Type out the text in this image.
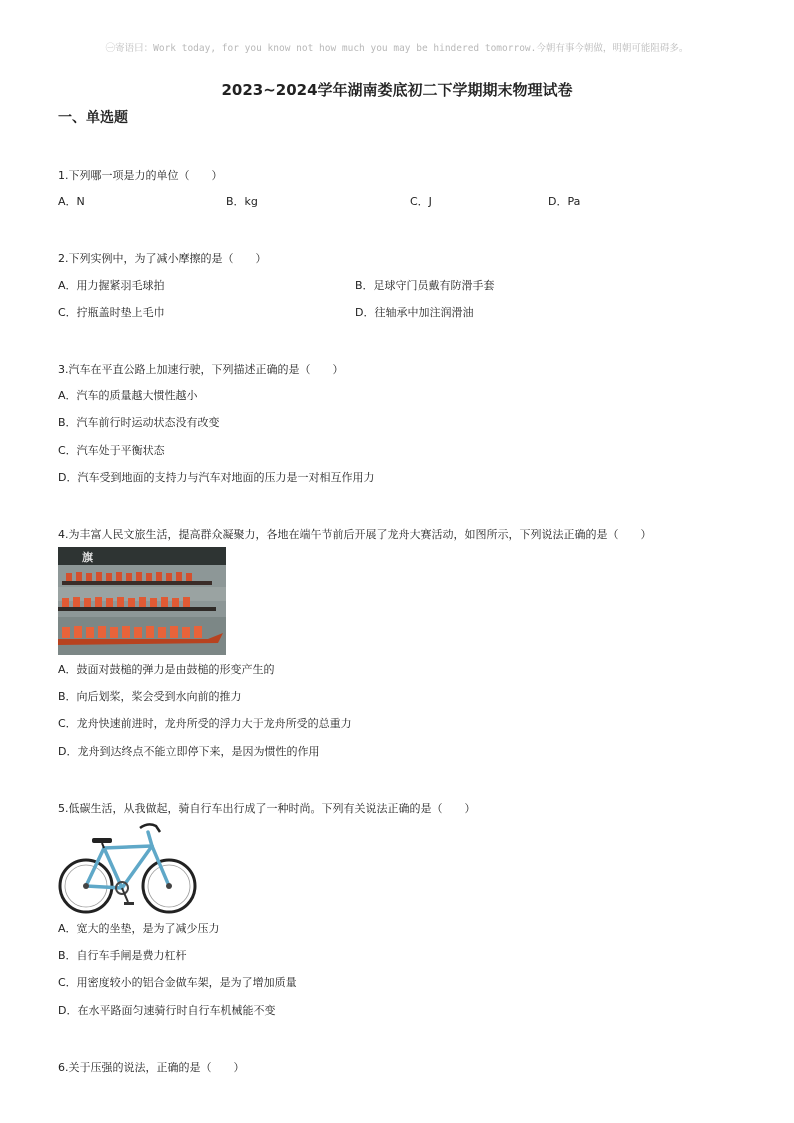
㊀寄语曰：Work today, for you know not how much you may be hindered tomorrow.今朝有事今朝做，明朝可能阻碍多。
2023~2024学年湖南娄底初二下学期期末物理试卷
一、单选题
1.下列哪一项是力的单位（　　）
A．N	B．kg	C．J	D．Pa
2.下列实例中，为了减小摩擦的是（　　）
A．用力握紧羽毛球拍	B．足球守门员戴有防滑手套
C．拧瓶盖时垫上毛巾	D．往轴承中加注润滑油
3.汽车在平直公路上加速行驶，下列描述正确的是（　　）
A．汽车的质量越大惯性越小
B．汽车前行时运动状态没有改变
C．汽车处于平衡状态
D．汽车受到地面的支持力与汽车对地面的压力是一对相互作用力
4.为丰富人民文旅生活，提高群众凝聚力，各地在端午节前后开展了龙舟大赛活动，如图所示，下列说法正确的是（　　）
旗
A．鼓面对鼓槌的弹力是由鼓槌的形变产生的
B．向后划桨，桨会受到水向前的推力
C．龙舟快速前进时，龙舟所受的浮力大于龙舟所受的总重力
D．龙舟到达终点不能立即停下来，是因为惯性的作用
5.低碳生活，从我做起，骑自行车出行成了一种时尚。下列有关说法正确的是（　　）
A．宽大的坐垫，是为了减少压力
B．自行车手闸是费力杠杆
C．用密度较小的铝合金做车架，是为了增加质量
D．在水平路面匀速骑行时自行车机械能不变
6.关于压强的说法，正确的是（　　）
